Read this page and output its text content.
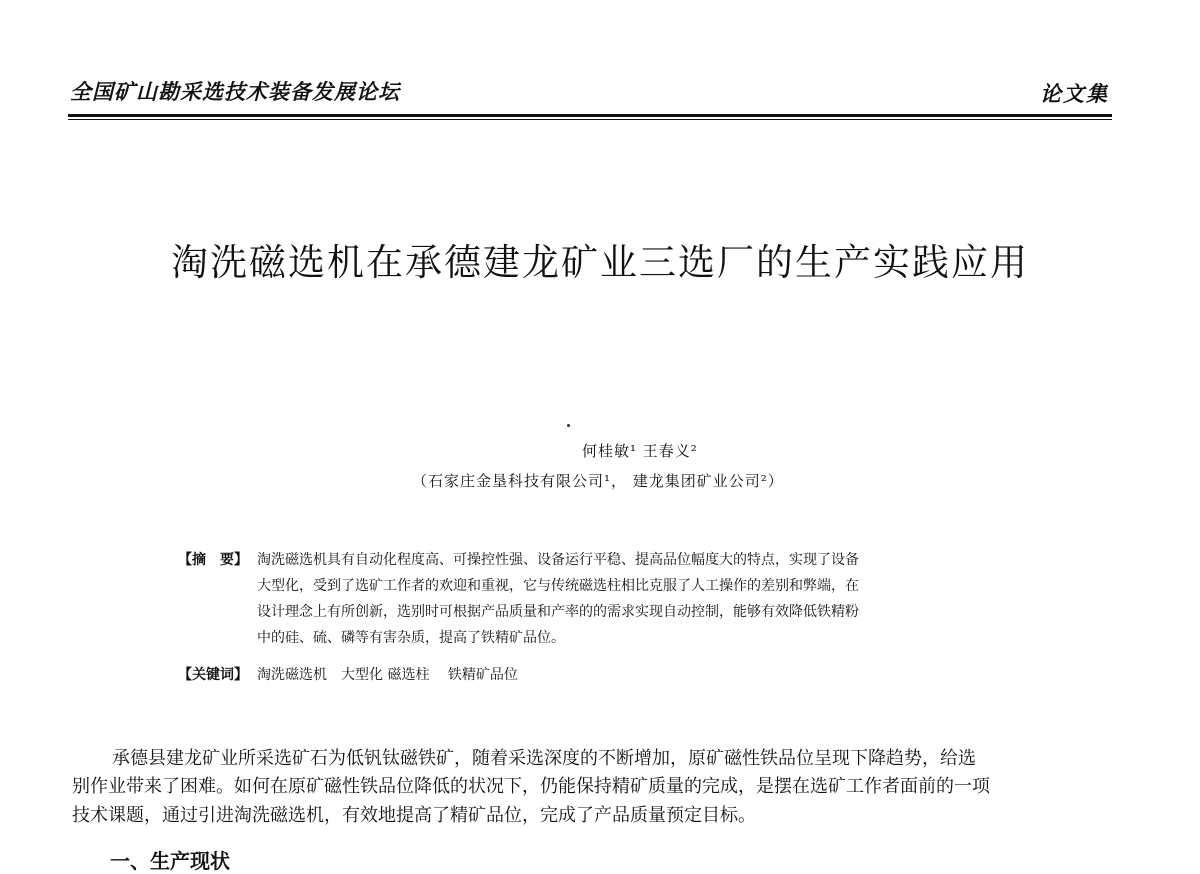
全国矿山勘采选技术装备发展论坛	论文集
淘洗磁选机在承德建龙矿业三选厂的生产实践应用
何桂敏¹ 王春义²
（石家庄金垦科技有限公司¹， 建龙集团矿业公司²）
【摘　要】 淘洗磁选机具有自动化程度高、可操控性强、设备运行平稳、提高品位幅度大的特点，实现了设备
大型化，受到了选矿工作者的欢迎和重视，它与传统磁选柱相比克服了人工操作的差别和弊端，在
设计理念上有所创新，选别时可根据产品质量和产率的的需求实现自动控制，能够有效降低铁精粉
中的硅、硫、磷等有害杂质，提高了铁精矿品位。
【关键词】 淘洗磁选机　大型化 磁选柱　 铁精矿品位
承德县建龙矿业所采选矿石为低钒钛磁铁矿，随着采选深度的不断增加，原矿磁性铁品位呈现下降趋势，给选
别作业带来了困难。如何在原矿磁性铁品位降低的状况下，仍能保持精矿质量的完成，是摆在选矿工作者面前的一项
技术课题，通过引进淘洗磁选机，有效地提高了精矿品位，完成了产品质量预定目标。
一、生产现状
